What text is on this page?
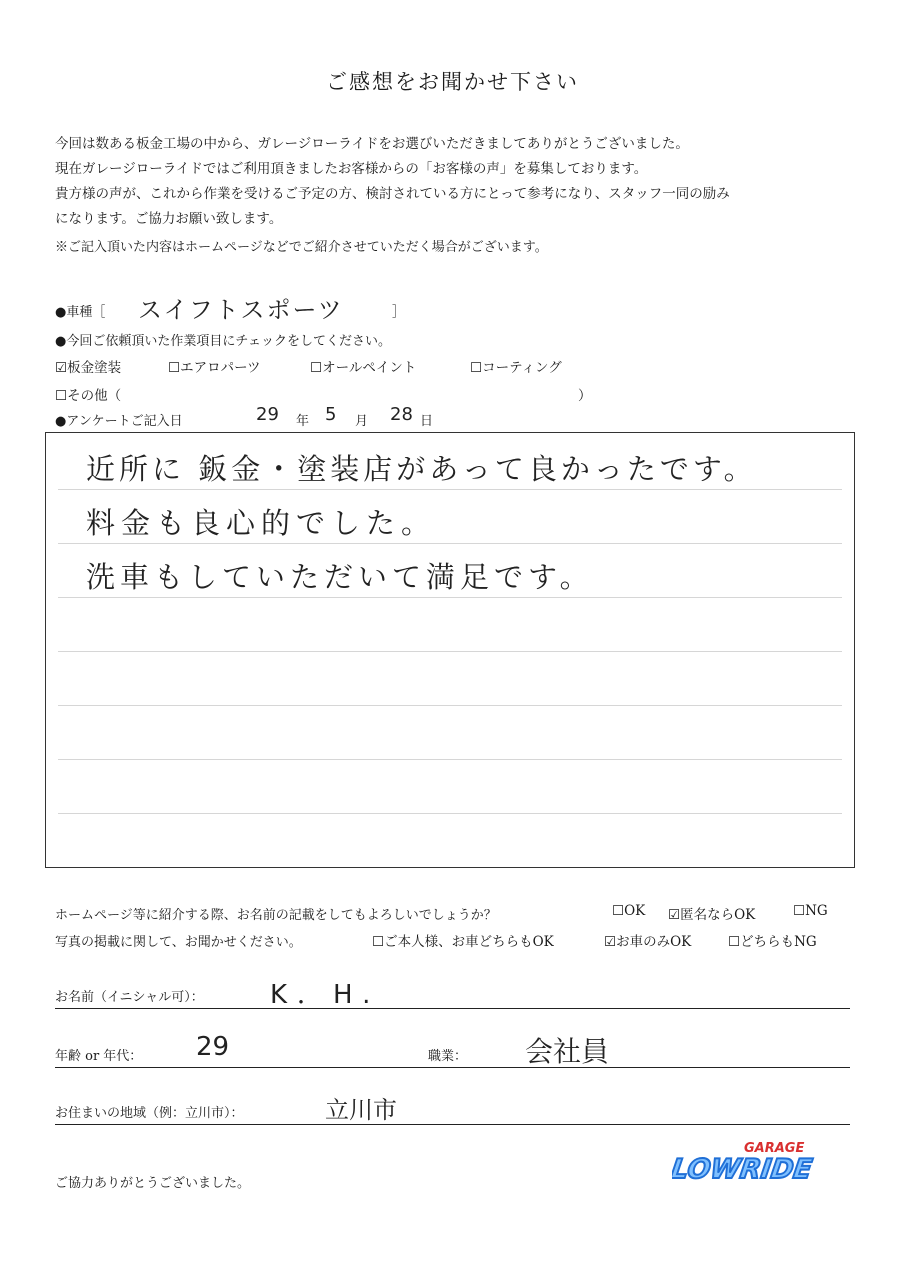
ご感想をお聞かせ下さい
今回は数ある板金工場の中から、ガレージローライドをお選びいただきましてありがとうございました。
現在ガレージローライドではご利用頂きましたお客様からの「お客様の声」を募集しております。
貴方様の声が、これから作業を受けるご予定の方、検討されている方にとって参考になり、スタッフ一同の励み
になります。ご協力お願い致します。
※ご記入頂いた内容はホームページなどでご紹介させていただく場合がございます。
●車種［ スイフトスポーツ	］
●今回ご依頼頂いた作業項目にチェックをしてください。
☑板金塗装	☐エアロパーツ	☐オールペイント	☐コーティング
☐その他（	）
●アンケートご記入日	29 年 5 月 28 日
近所に 鈑金・塗装店があって良かったです。
料金も良心的でした。
洗車もしていただいて満足です。
ホームページ等に紹介する際、お名前の記載をしてもよろしいでしょうか？	☐OK ☑匿名ならOK	☐NG
写真の掲載に関して、お聞かせください。	☐ご本人様、お車どちらもOK	☑お車のみOK	☐どちらもNG
お名前（イニシャル可）：	K．H.
年齢 or 年代： 29	職業： 会社員
お住まいの地域（例：立川市）：	立川市
ご協力ありがとうございました。
GARAGE
LOWRIDE
